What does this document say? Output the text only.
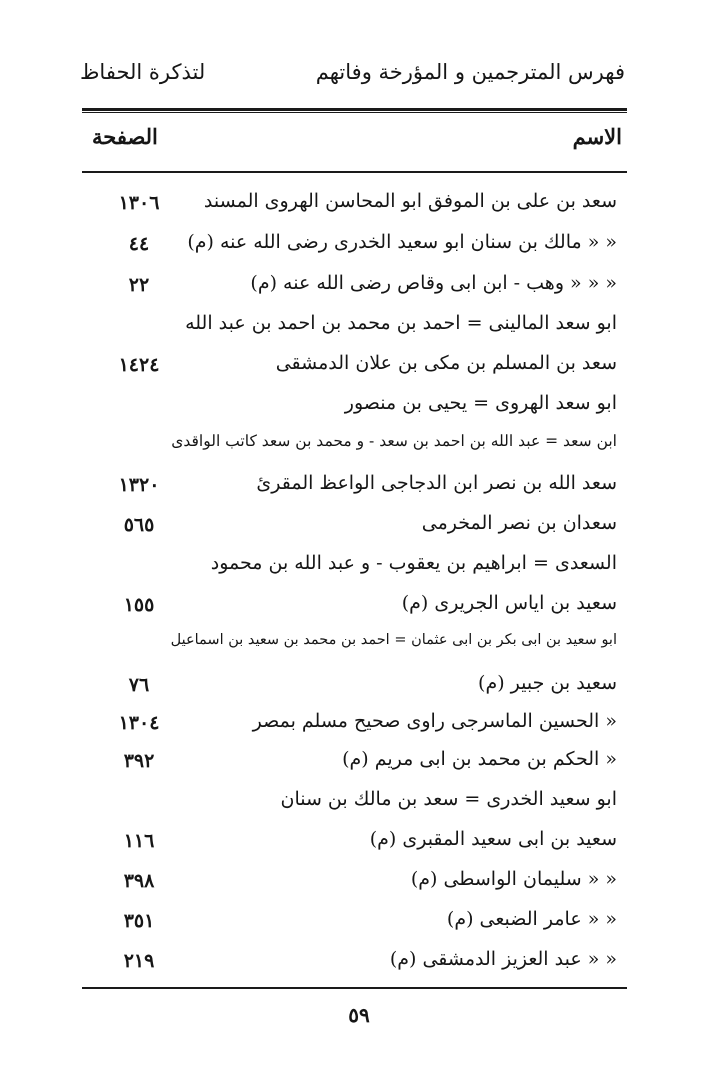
فهرس المترجمين و المؤرخة وفاتهم
لتذكرة الحفاظ
الاسم
الصفحة
سعد بن على بن الموفق ابو المحاسن الهروى المسند
١٣٠٦
« « مالك بن سنان ابو سعيد الخدرى رضى الله عنه (م)
٤٤
« « « وهب - ابن ابى وقاص رضى الله عنه (م)
٢٢
ابو سعد المالينى = احمد بن محمد بن احمد بن عبد الله
سعد بن المسلم بن مكى بن علان الدمشقى
١٤٢٤
ابو سعد الهروى = يحيى بن منصور
ابن سعد = عبد الله بن احمد بن سعد - و محمد بن سعد كاتب الواقدى
سعد الله بن نصر ابن الدجاجى الواعظ المقرئ
١٣٢٠
سعدان بن نصر المخرمى
٥٦٥
السعدى = ابراهيم بن يعقوب - و عبد الله بن محمود
سعيد بن اياس الجريرى (م)
١٥٥
ابو سعيد بن ابى بكر بن ابى عثمان = احمد بن محمد بن سعيد بن اسماعيل
سعيد بن جبير (م)
٧٦
« الحسين الماسرجى راوى صحيح مسلم بمصر
١٣٠٤
« الحكم بن محمد بن ابى مريم (م)
٣٩٢
ابو سعيد الخدرى = سعد بن مالك بن سنان
سعيد بن ابى سعيد المقبرى (م)
١١٦
« « سليمان الواسطى (م)
٣٩٨
« « عامر الضبعى (م)
٣٥١
« « عبد العزيز الدمشقى (م)
٢١٩
٥٩
